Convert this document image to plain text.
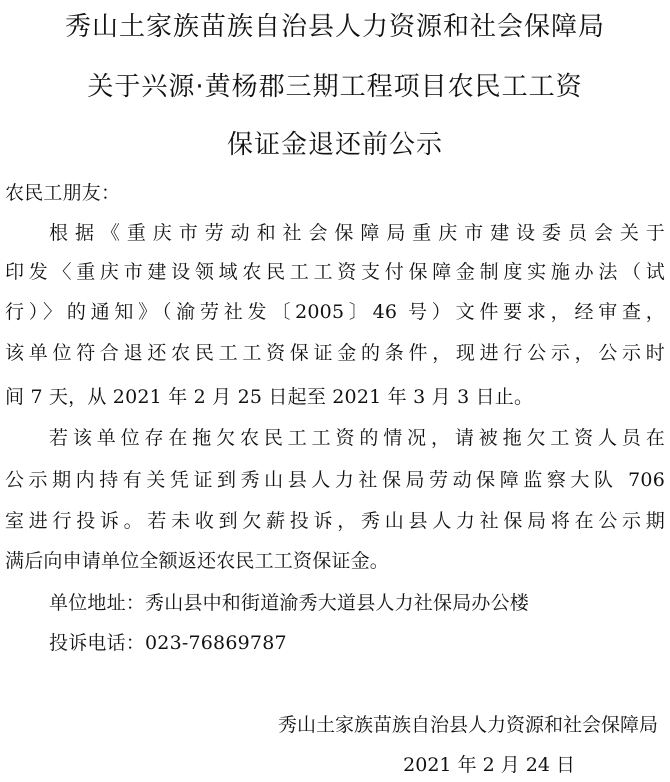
秀山土家族苗族自治县人力资源和社会保障局
关于兴源·黄杨郡三期工程项目农民工工资
保证金退还前公示
农民工朋友：
根据《重庆市劳动和社会保障局重庆市建设委员会关于
印发〈重庆市建设领域农民工工资支付保障金制度实施办法（试
行）〉的通知》（渝劳社发〔2005〕46 号）文件要求，经审查，
该单位符合退还农民工工资保证金的条件，现进行公示，公示时
间 7 天，从 2021 年 2 月 25 日起至 2021 年 3 月 3 日止。
若该单位存在拖欠农民工工资的情况，请被拖欠工资人员在
公示期内持有关凭证到秀山县人力社保局劳动保障监察大队 706
室进行投诉。若未收到欠薪投诉，秀山县人力社保局将在公示期
满后向申请单位全额返还农民工工资保证金。
单位地址：秀山县中和街道渝秀大道县人力社保局办公楼
投诉电话：023-76869787
秀山土家族苗族自治县人力资源和社会保障局
2021 年 2 月 24 日
